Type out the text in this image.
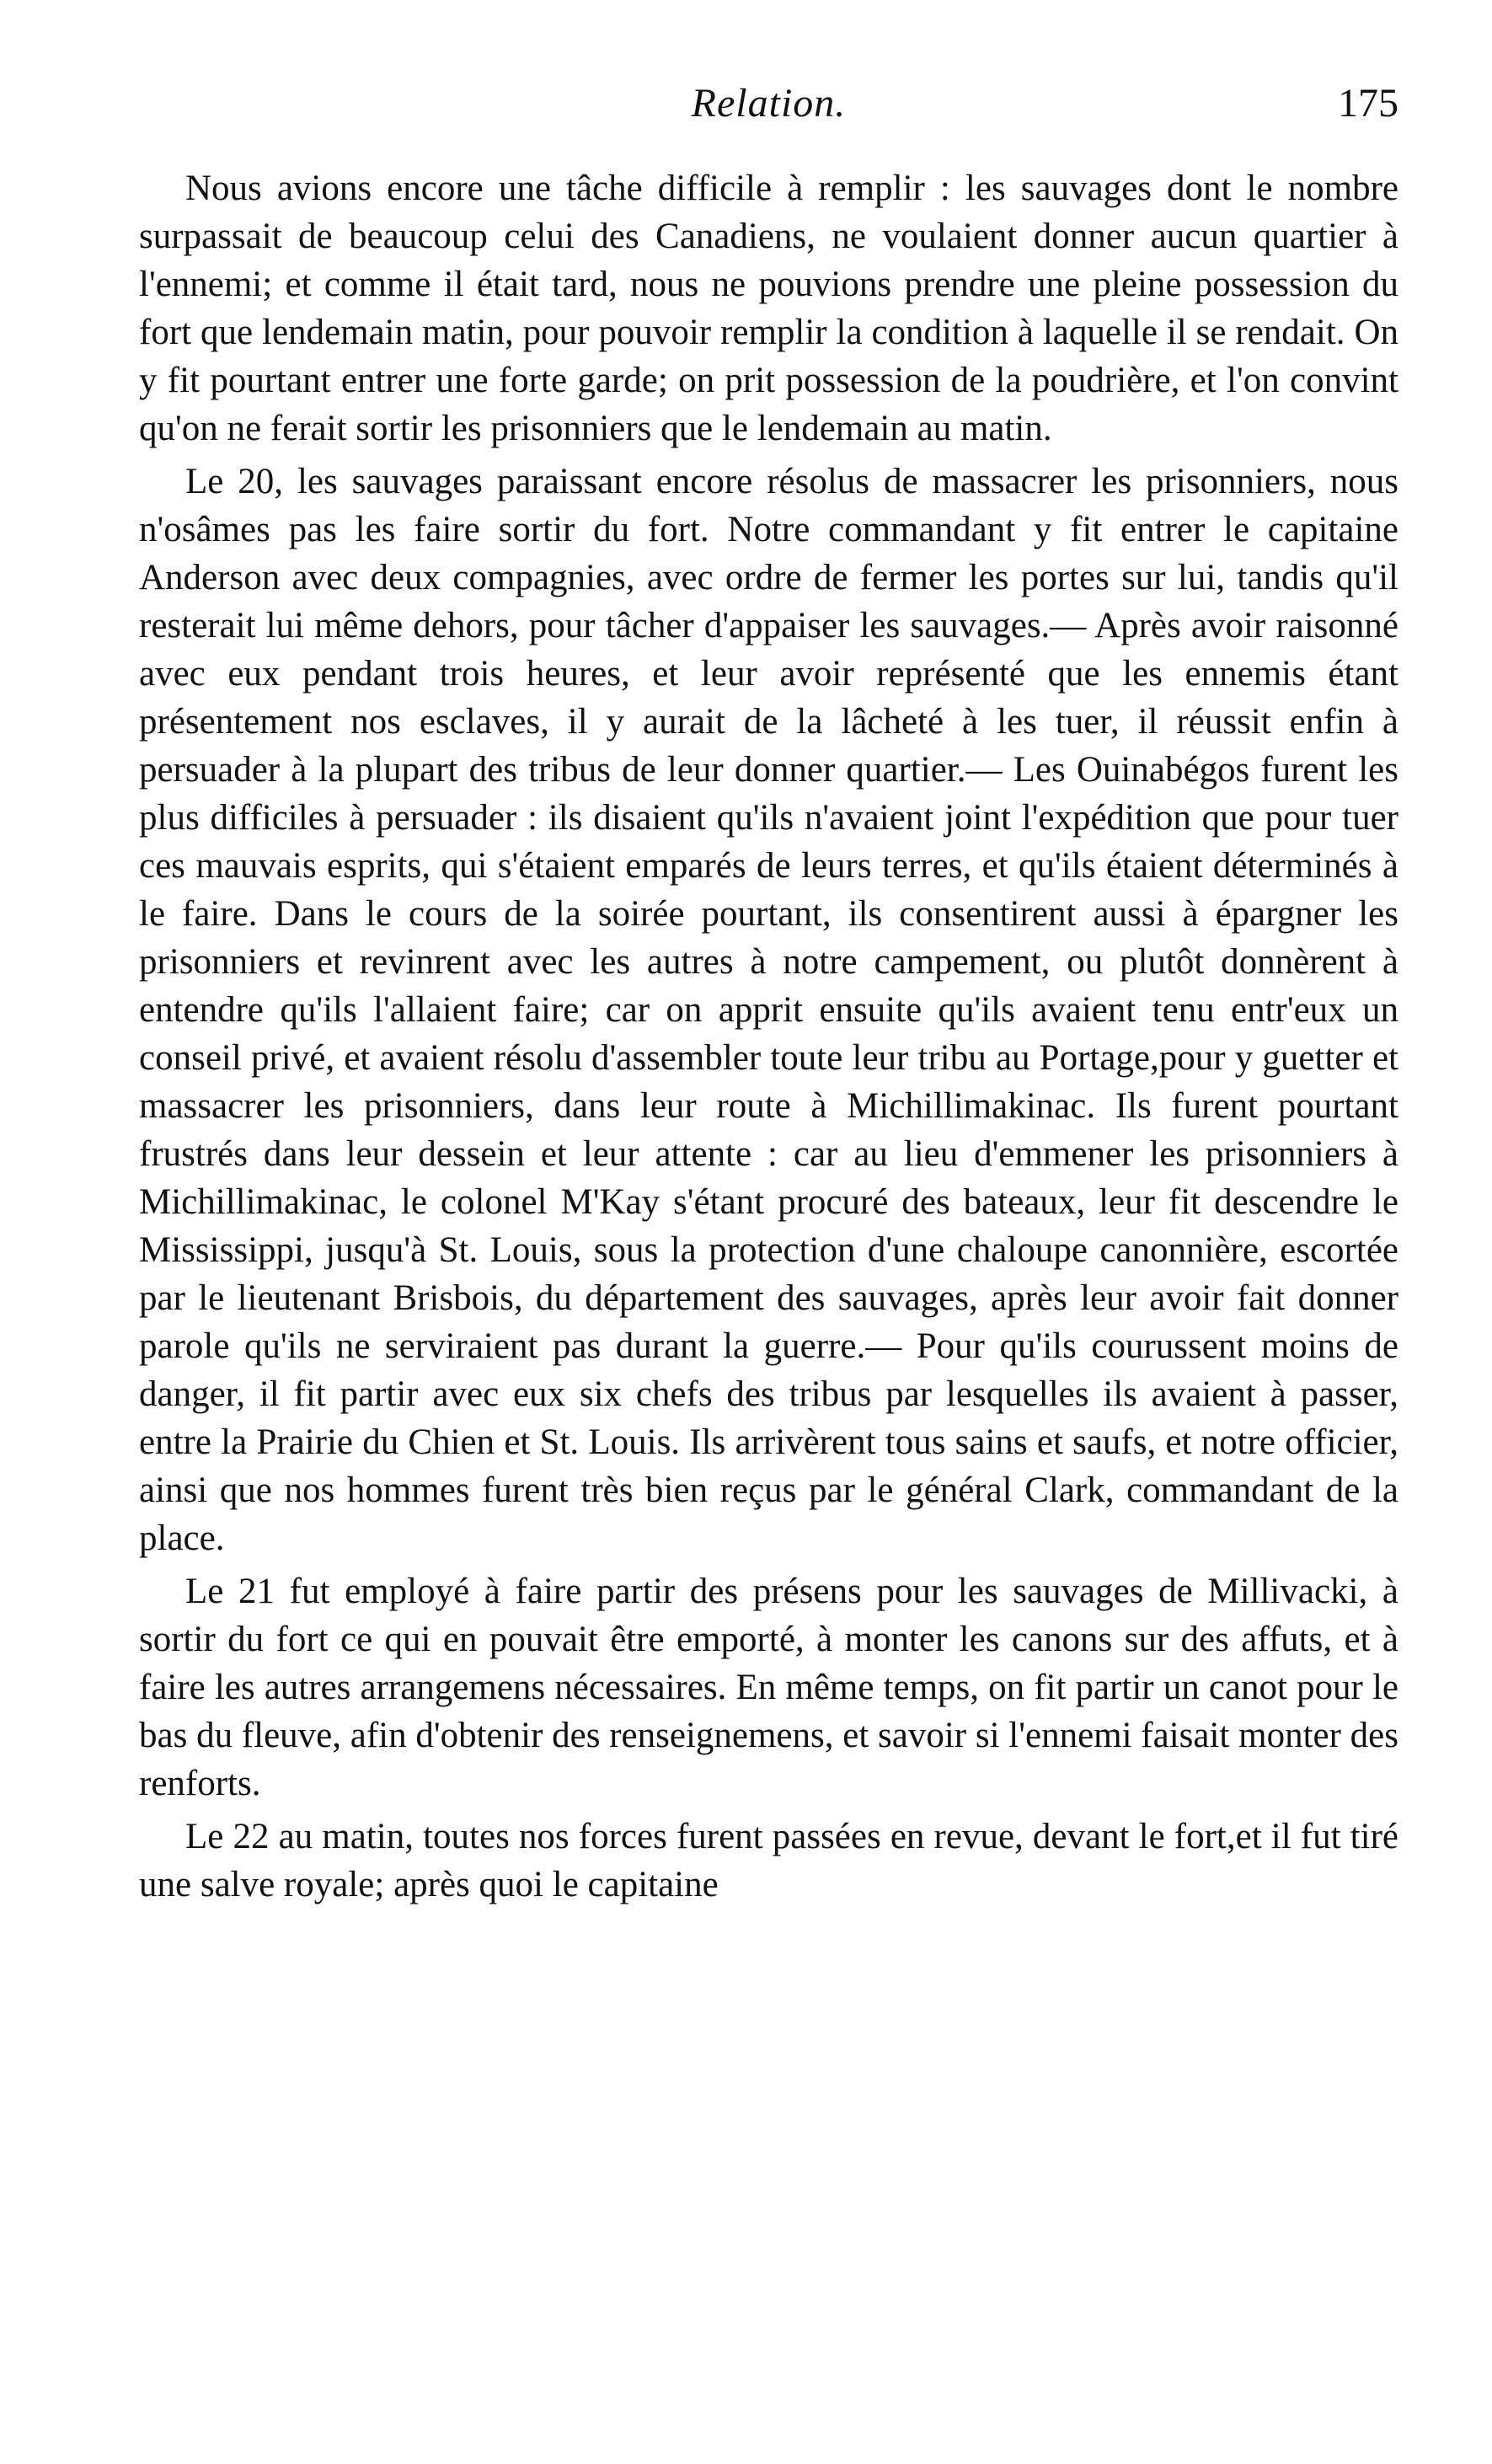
Relation.	175

Nous avions encore une tâche difficile à remplir : les sauvages dont le nombre surpassait de beaucoup celui des Canadiens, ne voulaient donner aucun quartier à l'ennemi; et comme il était tard, nous ne pouvions prendre une pleine possession du fort que lendemain matin, pour pouvoir remplir la condition à laquelle il se rendait. On y fit pourtant entrer une forte garde; on prit possession de la poudrière, et l'on convint qu'on ne ferait sortir les prisonniers que le lendemain au matin.

Le 20, les sauvages paraissant encore résolus de massacrer les prisonniers, nous n'osâmes pas les faire sortir du fort. Notre commandant y fit entrer le capitaine Anderson avec deux compagnies, avec ordre de fermer les portes sur lui, tandis qu'il resterait lui même dehors, pour tâcher d'appaiser les sauvages.— Après avoir raisonné avec eux pendant trois heures, et leur avoir représenté que les ennemis étant présentement nos esclaves, il y aurait de la lâcheté à les tuer, il réussit enfin à persuader à la plupart des tribus de leur donner quartier.— Les Ouinabégos furent les plus difficiles à persuader : ils disaient qu'ils n'avaient joint l'expédition que pour tuer ces mauvais esprits, qui s'étaient emparés de leurs terres, et qu'ils étaient déterminés à le faire. Dans le cours de la soirée pourtant, ils consentirent aussi à épargner les prisonniers et revinrent avec les autres à notre campement, ou plutôt donnèrent à entendre qu'ils l'allaient faire; car on apprit ensuite qu'ils avaient tenu entr'eux un conseil privé, et avaient résolu d'assembler toute leur tribu au Portage,pour y guetter et massacrer les prisonniers, dans leur route à Michillimakinac. Ils furent pourtant frustrés dans leur dessein et leur attente : car au lieu d'emmener les prisonniers à Michillimakinac, le colonel M'Kay s'étant procuré des bateaux, leur fit descendre le Mississippi, jusqu'à St. Louis, sous la protection d'une chaloupe canonnière, escortée par le lieutenant Brisbois, du département des sauvages, après leur avoir fait donner parole qu'ils ne serviraient pas durant la guerre.— Pour qu'ils courussent moins de danger, il fit partir avec eux six chefs des tribus par lesquelles ils avaient à passer, entre la Prairie du Chien et St. Louis. Ils arrivèrent tous sains et saufs, et notre officier, ainsi que nos hommes furent très bien reçus par le général Clark, commandant de la place.

Le 21 fut employé à faire partir des présens pour les sauvages de Millivacki, à sortir du fort ce qui en pouvait être emporté, à monter les canons sur des affuts, et à faire les autres arrangemens nécessaires. En même temps, on fit partir un canot pour le bas du fleuve, afin d'obtenir des renseignemens, et savoir si l'ennemi faisait monter des renforts.

Le 22 au matin, toutes nos forces furent passées en revue, devant le fort,et il fut tiré une salve royale; après quoi le capitaine
